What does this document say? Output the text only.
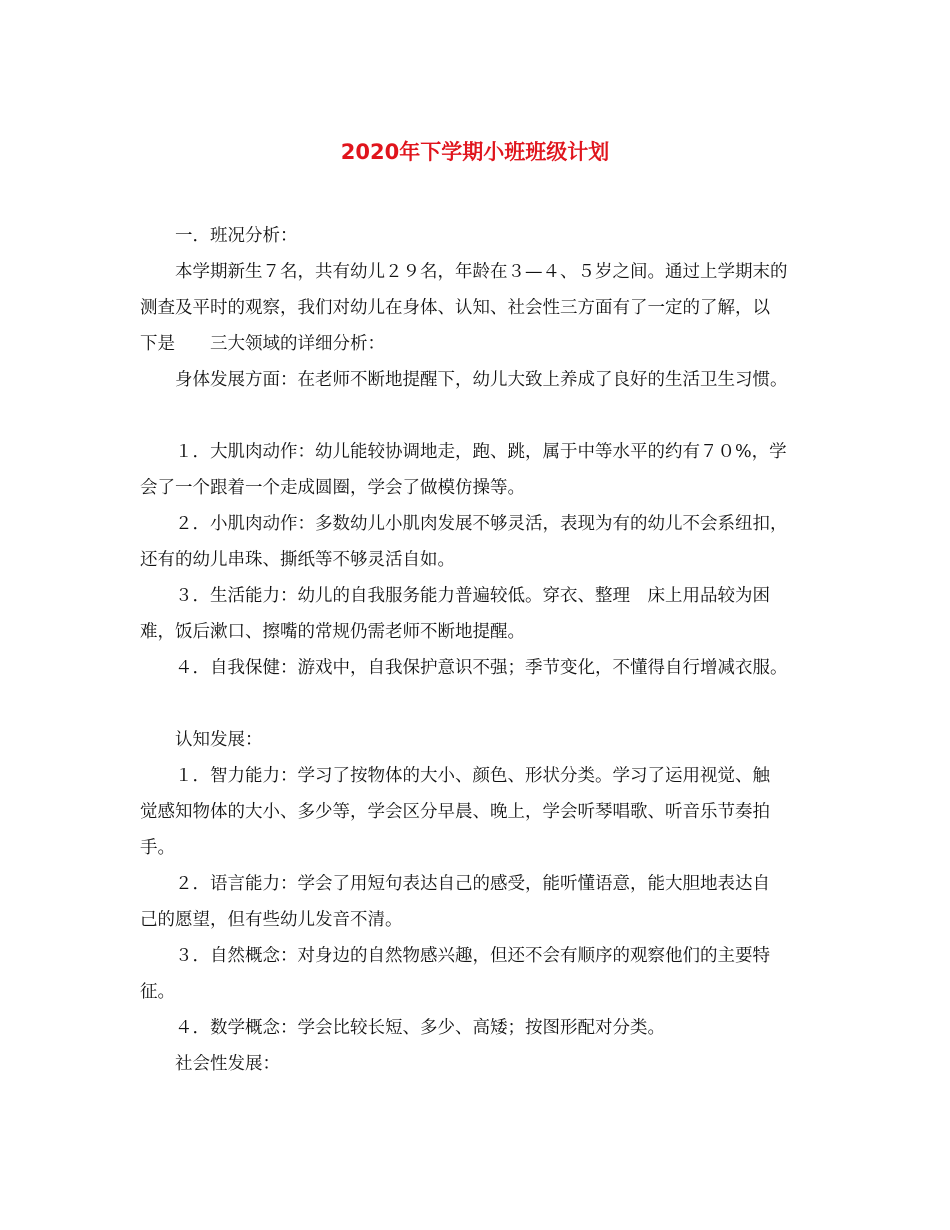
2020年下学期小班班级计划
一．班况分析：
本学期新生７名，共有幼儿２９名，年龄在３—４、５岁之间。通过上学期末的
测查及平时的观察，我们对幼儿在身体、认知、社会性三方面有了一定的了解，以
下是　　三大领域的详细分析：
身体发展方面：在老师不断地提醒下，幼儿大致上养成了良好的生活卫生习惯。
１．大肌肉动作：幼儿能较协调地走，跑、跳，属于中等水平的约有７０%，学
会了一个跟着一个走成圆圈，学会了做模仿操等。
２．小肌肉动作：多数幼儿小肌肉发展不够灵活，表现为有的幼儿不会系纽扣，
还有的幼儿串珠、撕纸等不够灵活自如。
３．生活能力：幼儿的自我服务能力普遍较低。穿衣、整理　床上用品较为困
难，饭后漱口、擦嘴的常规仍需老师不断地提醒。
４．自我保健：游戏中，自我保护意识不强；季节变化，不懂得自行增减衣服。
认知发展：
１．智力能力：学习了按物体的大小、颜色、形状分类。学习了运用视觉、触
觉感知物体的大小、多少等，学会区分早晨、晚上，学会听琴唱歌、听音乐节奏拍
手。
２．语言能力：学会了用短句表达自己的感受，能听懂语意，能大胆地表达自
己的愿望，但有些幼儿发音不清。
３．自然概念：对身边的自然物感兴趣，但还不会有顺序的观察他们的主要特
征。
４．数学概念：学会比较长短、多少、高矮；按图形配对分类。
社会性发展：
